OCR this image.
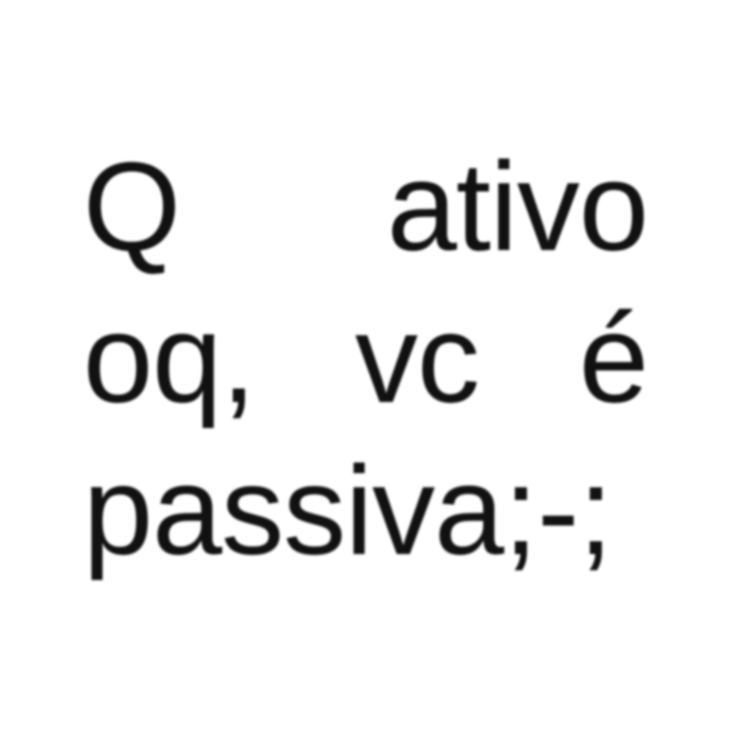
Q ativo
oq, vc é
passiva;-;
